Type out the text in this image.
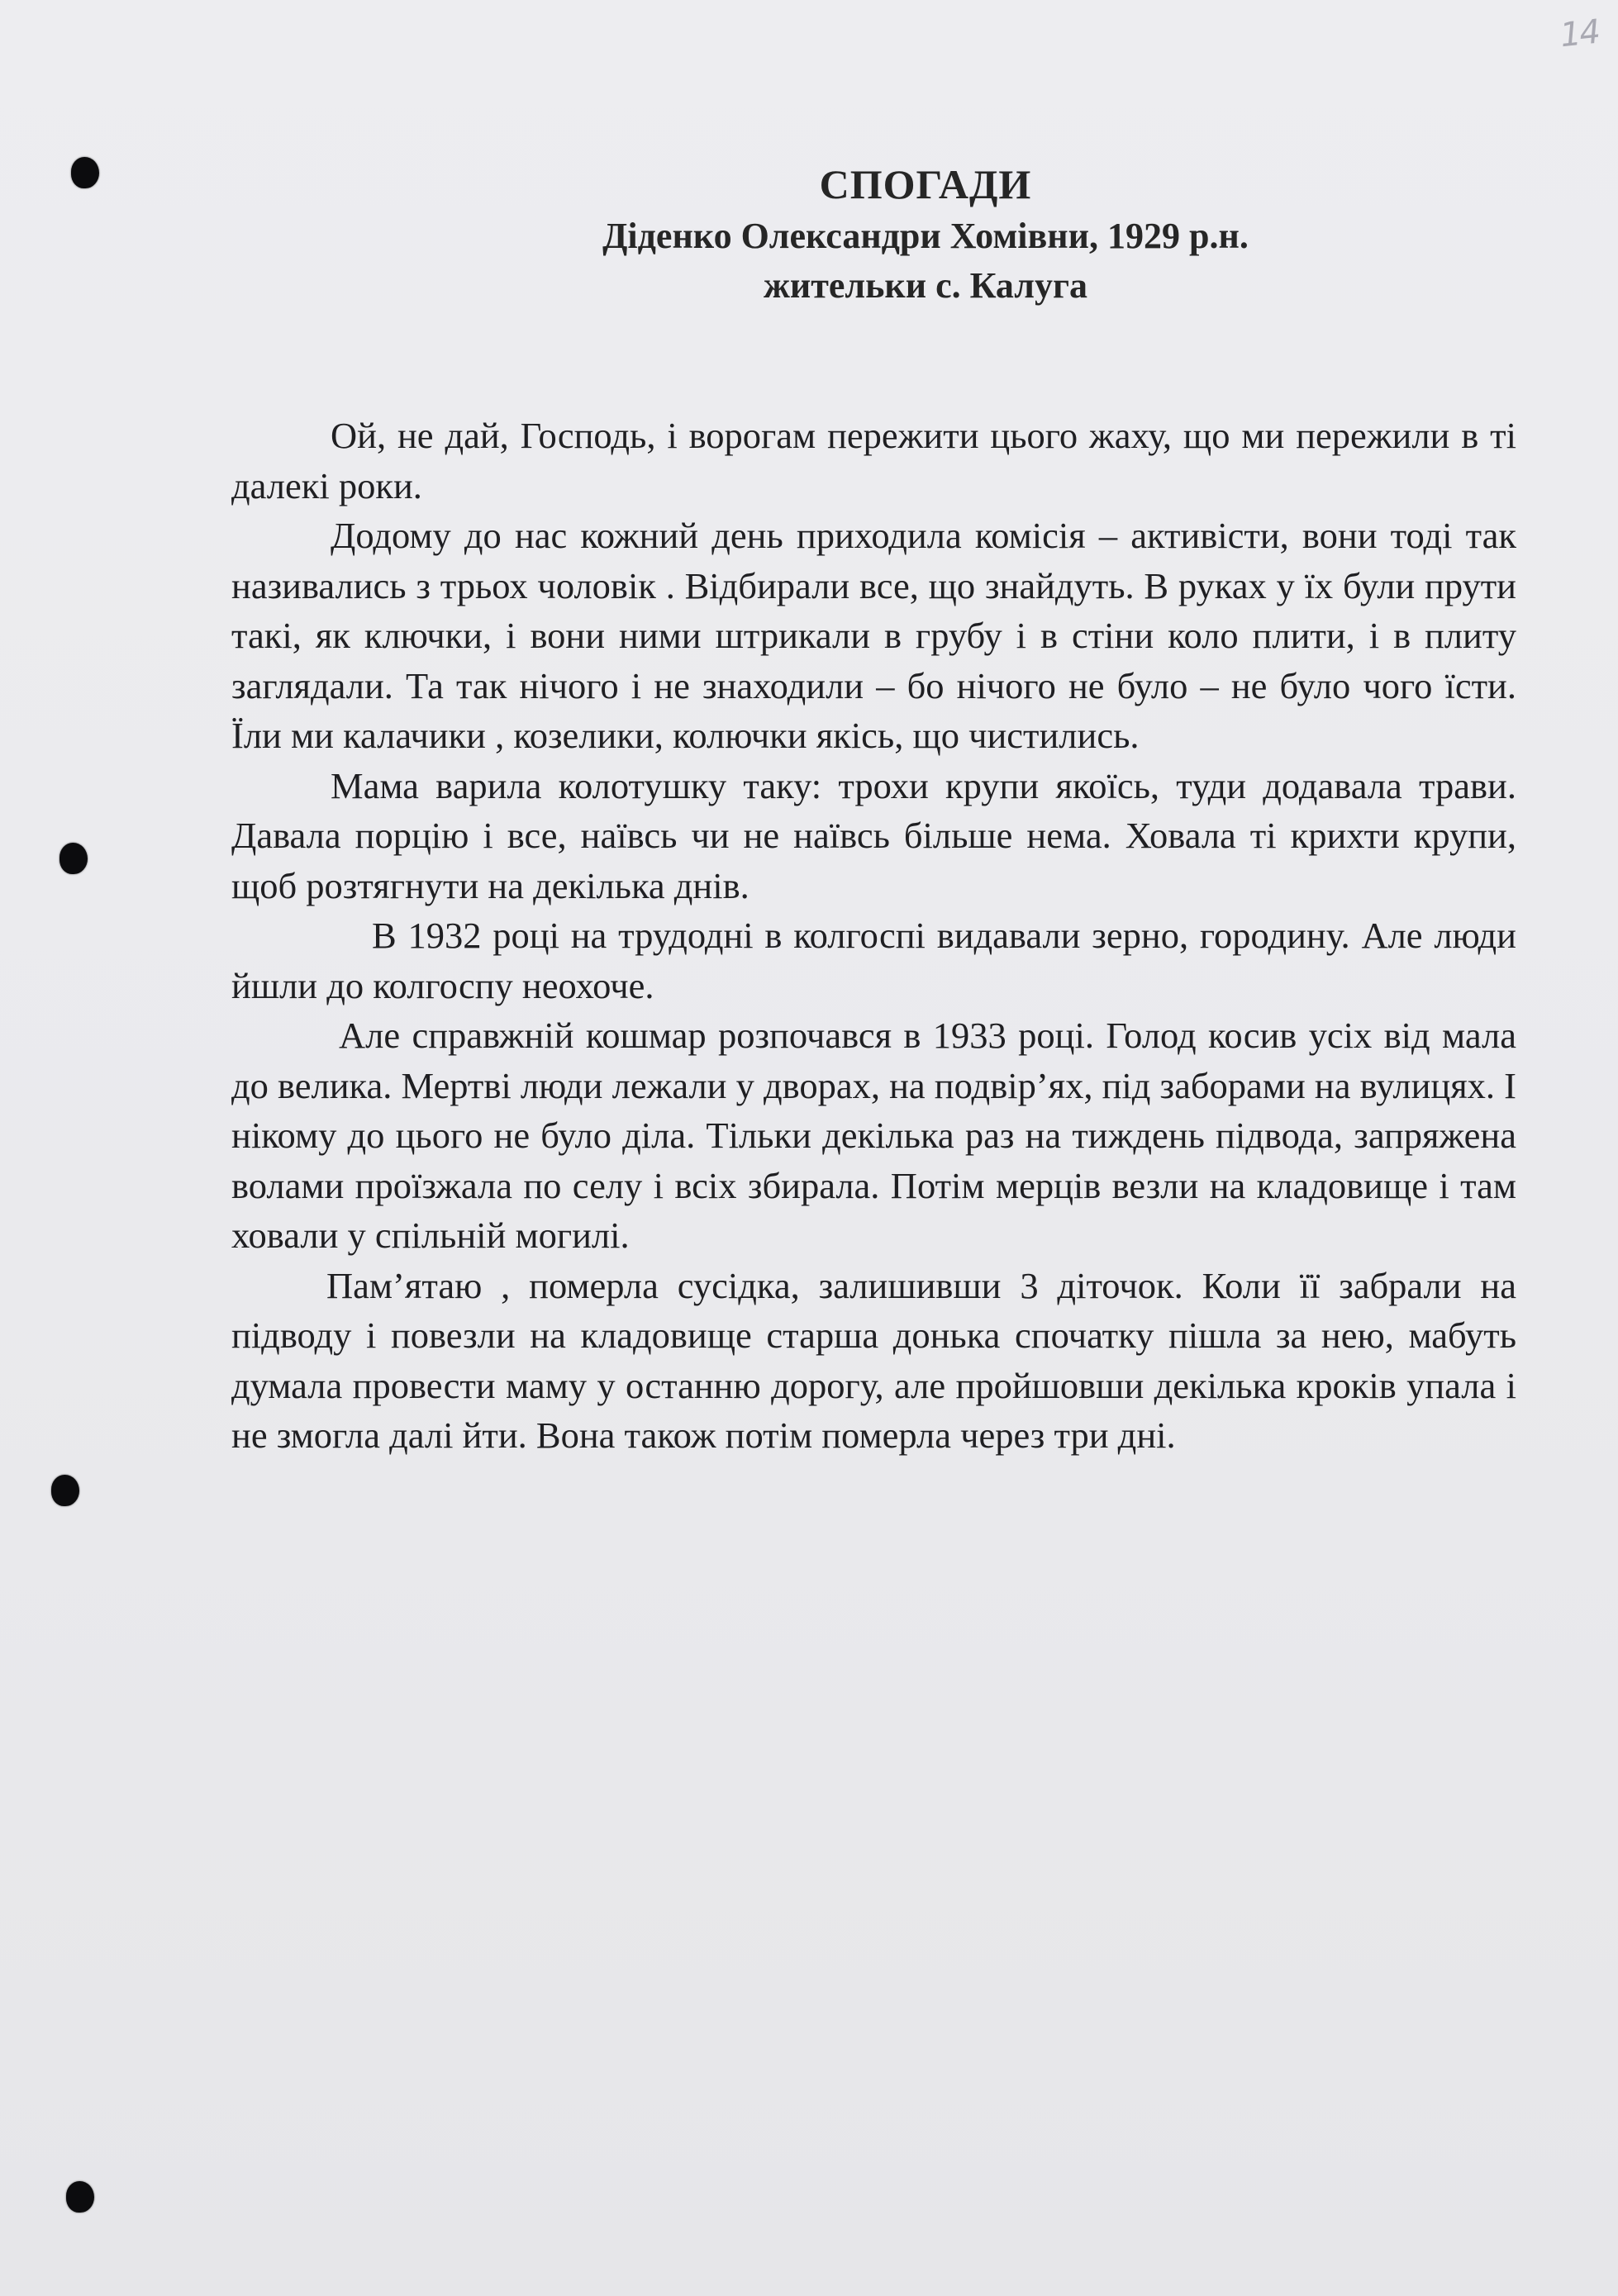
14
СПОГАДИ
Діденко Олександри Хомівни, 1929 р.н.
жительки с. Калуга

Ой, не дай, Господь, і ворогам пережити цього жаху, що ми пережили в ті далекі роки.

Додому до нас кожний день приходила комісія – активісти, вони тоді так називались з трьох чоловік . Відбирали все, що знайдуть. В руках у їх були прути такі, як ключки, і вони ними штрикали в грубу і в стіни коло плити, і в плиту заглядали. Та так нічого і не знаходили – бо нічого не було – не було чого їсти. Їли ми калачики , козелики, колючки якісь, що чистились.

Мама варила колотушку таку: трохи крупи якоїсь, туди додавала трави. Давала порцію і все, наївсь чи не наївсь більше нема. Ховала ті крихти крупи, щоб розтягнути на декілька днів.

В 1932 році на трудодні в колгоспі видавали зерно, городину. Але люди йшли до колгоспу неохоче.

Але справжній кошмар розпочався в 1933 році. Голод косив усіх від мала до велика. Мертві люди лежали у дворах, на подвір’ях, під заборами на вулицях. І нікому до цього не було діла. Тільки декілька раз на тиждень підвода, запряжена волами проїзжала по селу і всіх збирала. Потім мерців везли на кладовище і там ховали у спільній могилі.

Пам’ятаю , померла сусідка, залишивши 3 діточок. Коли її забрали на підводу і повезли на кладовище старша донька спочатку пішла за нею, мабуть думала провести маму у останню дорогу, але пройшовши декілька кроків упала і не змогла далі йти. Вона також потім померла через три дні.
